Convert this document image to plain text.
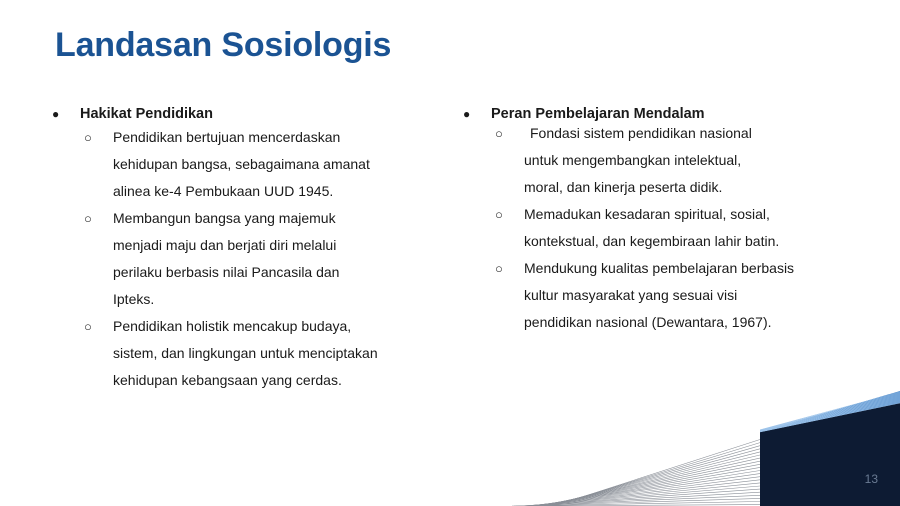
Landasan Sosiologis
● Hakikat Pendidikan
○ Pendidikan bertujuan mencerdaskan
kehidupan bangsa, sebagaimana amanat
alinea ke-4 Pembukaan UUD 1945.
○ Membangun bangsa yang majemuk
menjadi maju dan berjati diri melalui
perilaku berbasis nilai Pancasila dan
Ipteks.
○ Pendidikan holistik mencakup budaya,
sistem, dan lingkungan untuk menciptakan
kehidupan kebangsaan yang cerdas.
● Peran Pembelajaran Mendalam
○	Fondasi sistem pendidikan nasional
untuk mengembangkan intelektual,
moral, dan kinerja peserta didik.
○ Memadukan kesadaran spiritual, sosial,
kontekstual, dan kegembiraan lahir batin.
○ Mendukung kualitas pembelajaran berbasis
kultur masyarakat yang sesuai visi
pendidikan nasional (Dewantara, 1967).
13
